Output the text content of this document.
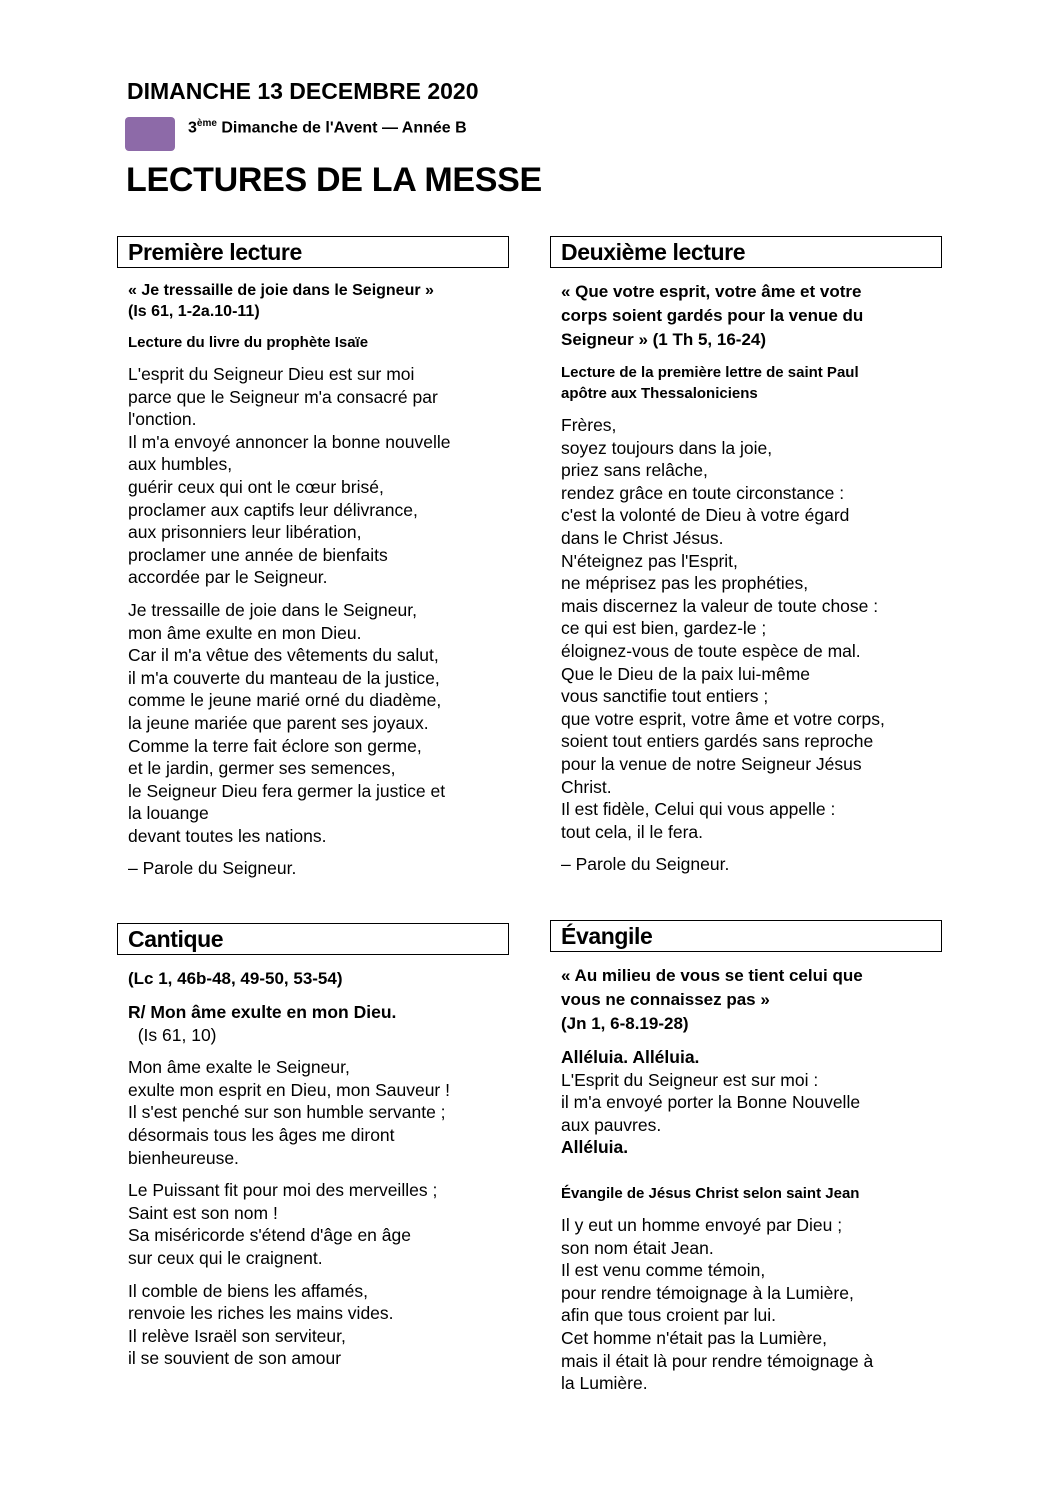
DIMANCHE 13 DECEMBRE 2020
3ème Dimanche de l'Avent — Année B
LECTURES DE LA MESSE
Première lecture

« Je tressaille de joie dans le Seigneur »
(Is 61, 1-2a.10-11)

Lecture du livre du prophète Isaïe

L'esprit du Seigneur Dieu est sur moi
parce que le Seigneur m'a consacré par
l'onction.
Il m'a envoyé annoncer la bonne nouvelle
aux humbles,
guérir ceux qui ont le cœur brisé,
proclamer aux captifs leur délivrance,
aux prisonniers leur libération,
proclamer une année de bienfaits
accordée par le Seigneur.

Je tressaille de joie dans le Seigneur,
mon âme exulte en mon Dieu.
Car il m'a vêtue des vêtements du salut,
il m'a couverte du manteau de la justice,
comme le jeune marié orné du diadème,
la jeune mariée que parent ses joyaux.
Comme la terre fait éclore son germe,
et le jardin, germer ses semences,
le Seigneur Dieu fera germer la justice et
la louange
devant toutes les nations.

– Parole du Seigneur.

Cantique

(Lc 1, 46b-48, 49-50, 53-54)

R/ Mon âme exulte en mon Dieu.

(Is 61, 10)

Mon âme exalte le Seigneur,
exulte mon esprit en Dieu, mon Sauveur !
Il s'est penché sur son humble servante ;
désormais tous les âges me diront
bienheureuse.

Le Puissant fit pour moi des merveilles ;
Saint est son nom !
Sa miséricorde s'étend d'âge en âge
sur ceux qui le craignent.

Il comble de biens les affamés,
renvoie les riches les mains vides.
Il relève Israël son serviteur,
il se souvient de son amour

Deuxième lecture

« Que votre esprit, votre âme et votre
corps soient gardés pour la venue du
Seigneur » (1 Th 5, 16-24)

Lecture de la première lettre de saint Paul
apôtre aux Thessaloniciens

Frères,
soyez toujours dans la joie,
priez sans relâche,
rendez grâce en toute circonstance :
c'est la volonté de Dieu à votre égard
dans le Christ Jésus.
N'éteignez pas l'Esprit,
ne méprisez pas les prophéties,
mais discernez la valeur de toute chose :
ce qui est bien, gardez-le ;
éloignez-vous de toute espèce de mal.
Que le Dieu de la paix lui-même
vous sanctifie tout entiers ;
que votre esprit, votre âme et votre corps,
soient tout entiers gardés sans reproche
pour la venue de notre Seigneur Jésus
Christ.
Il est fidèle, Celui qui vous appelle :
tout cela, il le fera.

– Parole du Seigneur.

Évangile

« Au milieu de vous se tient celui que
vous ne connaissez pas »
(Jn 1, 6-8.19-28)

Alléluia. Alléluia.

L'Esprit du Seigneur est sur moi :
il m'a envoyé porter la Bonne Nouvelle
aux pauvres.

Alléluia.

Évangile de Jésus Christ selon saint Jean

Il y eut un homme envoyé par Dieu ;
son nom était Jean.
Il est venu comme témoin,
pour rendre témoignage à la Lumière,
afin que tous croient par lui.
Cet homme n'était pas la Lumière,
mais il était là pour rendre témoignage à
la Lumière.
